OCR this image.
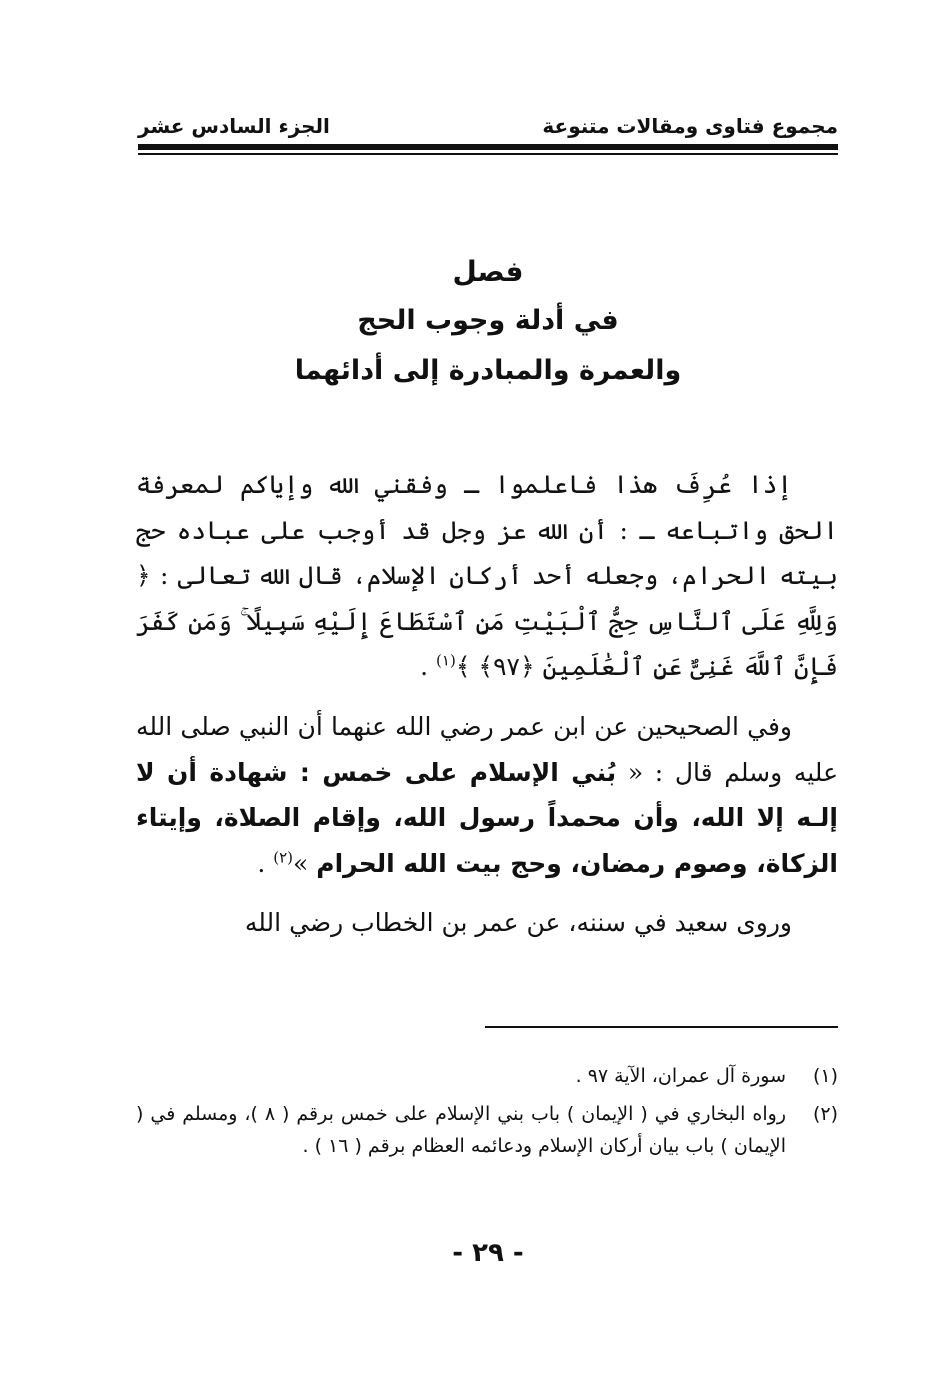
مجموع فتاوى ومقالات متنوعة
الجزء السادس عشر
فصل
في أدلة وجوب الحج
والعمرة والمبادرة إلى أدائهما

إذا عُرِفَ هذا فاعلموا ـ وفقني الله وإياكم لمعرفة الحق واتباعه ـ : أن الله عز وجل قد أوجب على عباده حج بيته الحرام، وجعله أحد أركان الإسلام، قال الله تعالى : ﴿ وَلِلَّهِ عَلَى ٱلنَّاسِ حِجُّ ٱلْبَيْتِ مَنِ ٱسْتَطَاعَ إِلَيْهِ سَبِيلًا ۚ وَمَن كَفَرَ فَإِنَّ ٱللَّهَ غَنِىٌّ عَنِ ٱلْعَٰلَمِينَ ﴿٩٧﴾ ﴾$^{(١)}$ .

وفي الصحيحين عن ابن عمر رضي الله عنهما أن النبي صلى الله عليه وسلم قال : « بُني الإسلام على خمس : شهادة أن لا إلـه إلا الله، وأن محمداً رسول الله، وإقام الصلاة، وإيتاء الزكاة، وصوم رمضان، وحج بيت الله الحرام »$^{(٢)}$ .

وروى سعيد في سننه، عن عمر بن الخطاب رضي الله

(١)
سورة آل عمران، الآية ٩٧ .
(٢)
رواه البخاري في ( الإيمان ) باب بني الإسلام على خمس برقم ( ٨ )، ومسلم في ( الإيمان ) باب بيان أركان الإسلام ودعائمه العظام برقم ( ١٦ ) .
- ٢٩ -
